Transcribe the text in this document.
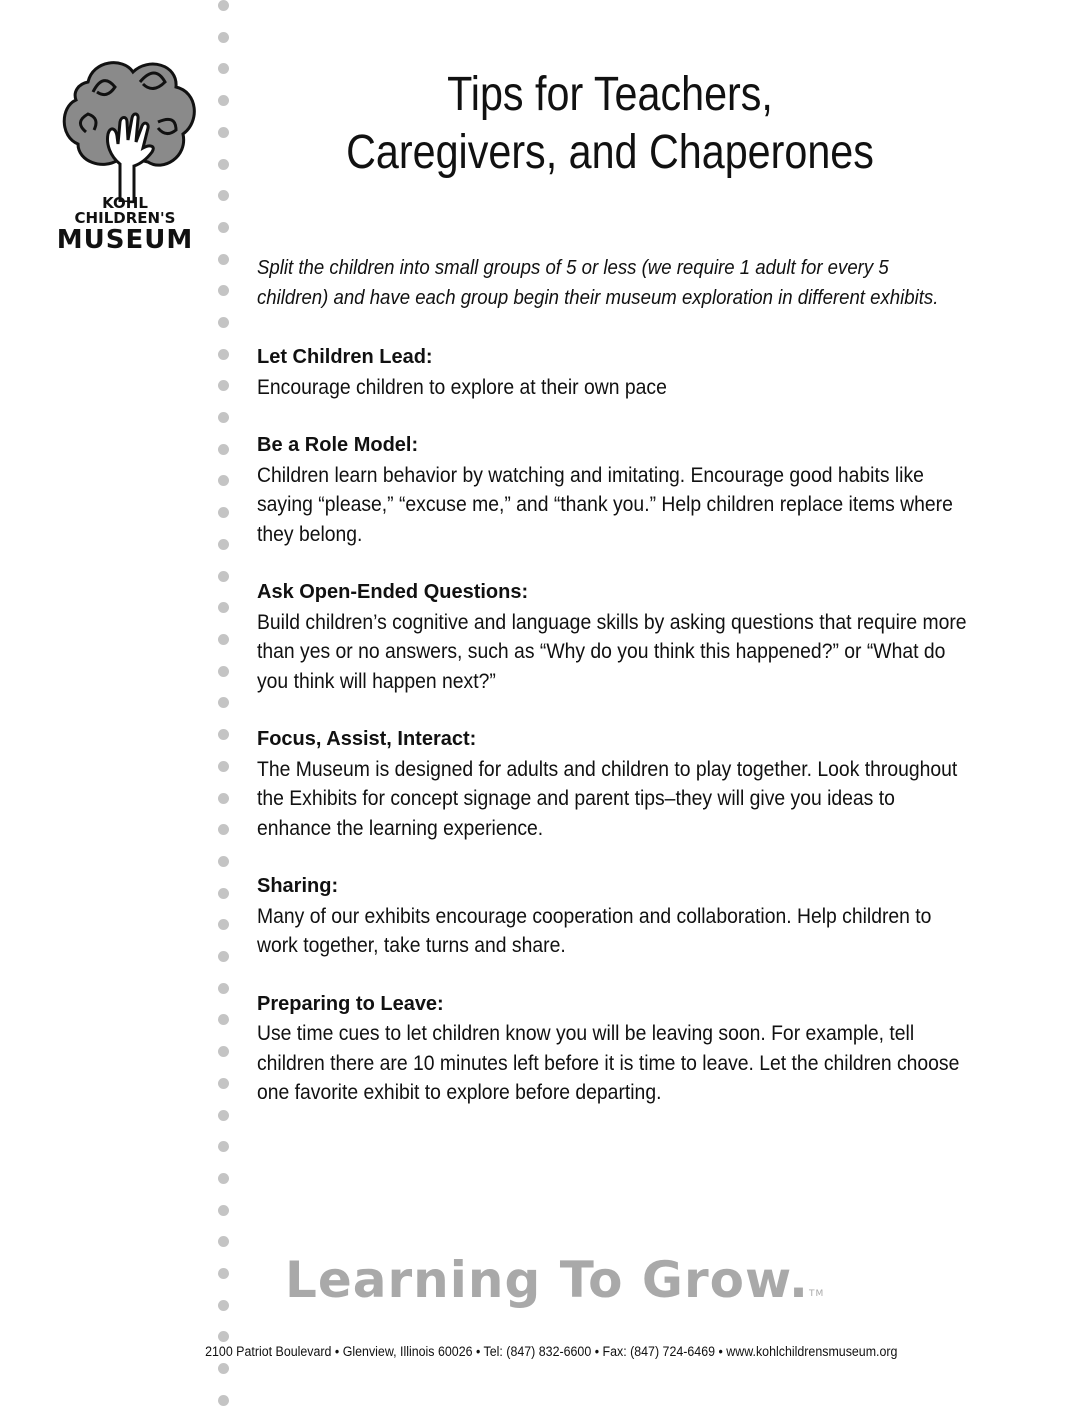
KOHL CHILDREN'S
MUSEUM
Tips for Teachers,
Caregivers, and Chaperones

Split the children into small groups of 5 or less (we require 1 adult for every 5 children) and have each group begin their museum exploration in different exhibits.

Let Children Lead:

Encourage children to explore at their own pace

Be a Role Model:

Children learn behavior by watching and imitating. Encourage good habits like saying “please,” “excuse me,” and “thank you.” Help children replace items where they belong.

Ask Open-Ended Questions:

Build children’s cognitive and language skills by asking questions that require more than yes or no answers, such as “Why do you think this happened?” or “What do you think will happen next?”

Focus, Assist, Interact:

The Museum is designed for adults and children to play together. Look throughout the Exhibits for concept signage and parent tips–they will give you ideas to enhance the learning experience.

Sharing:

Many of our exhibits encourage cooperation and collaboration. Help children to work together, take turns and share.

Preparing to Leave:

Use time cues to let children know you will be leaving soon. For example, tell children there are 10 minutes left before it is time to leave. Let the children choose one favorite exhibit to explore before departing.

Learning To Grow.™
2100 Patriot Boulevard • Glenview, Illinois 60026 • Tel: (847) 832-6600 • Fax: (847) 724-6469 • www.kohlchildrensmuseum.org
